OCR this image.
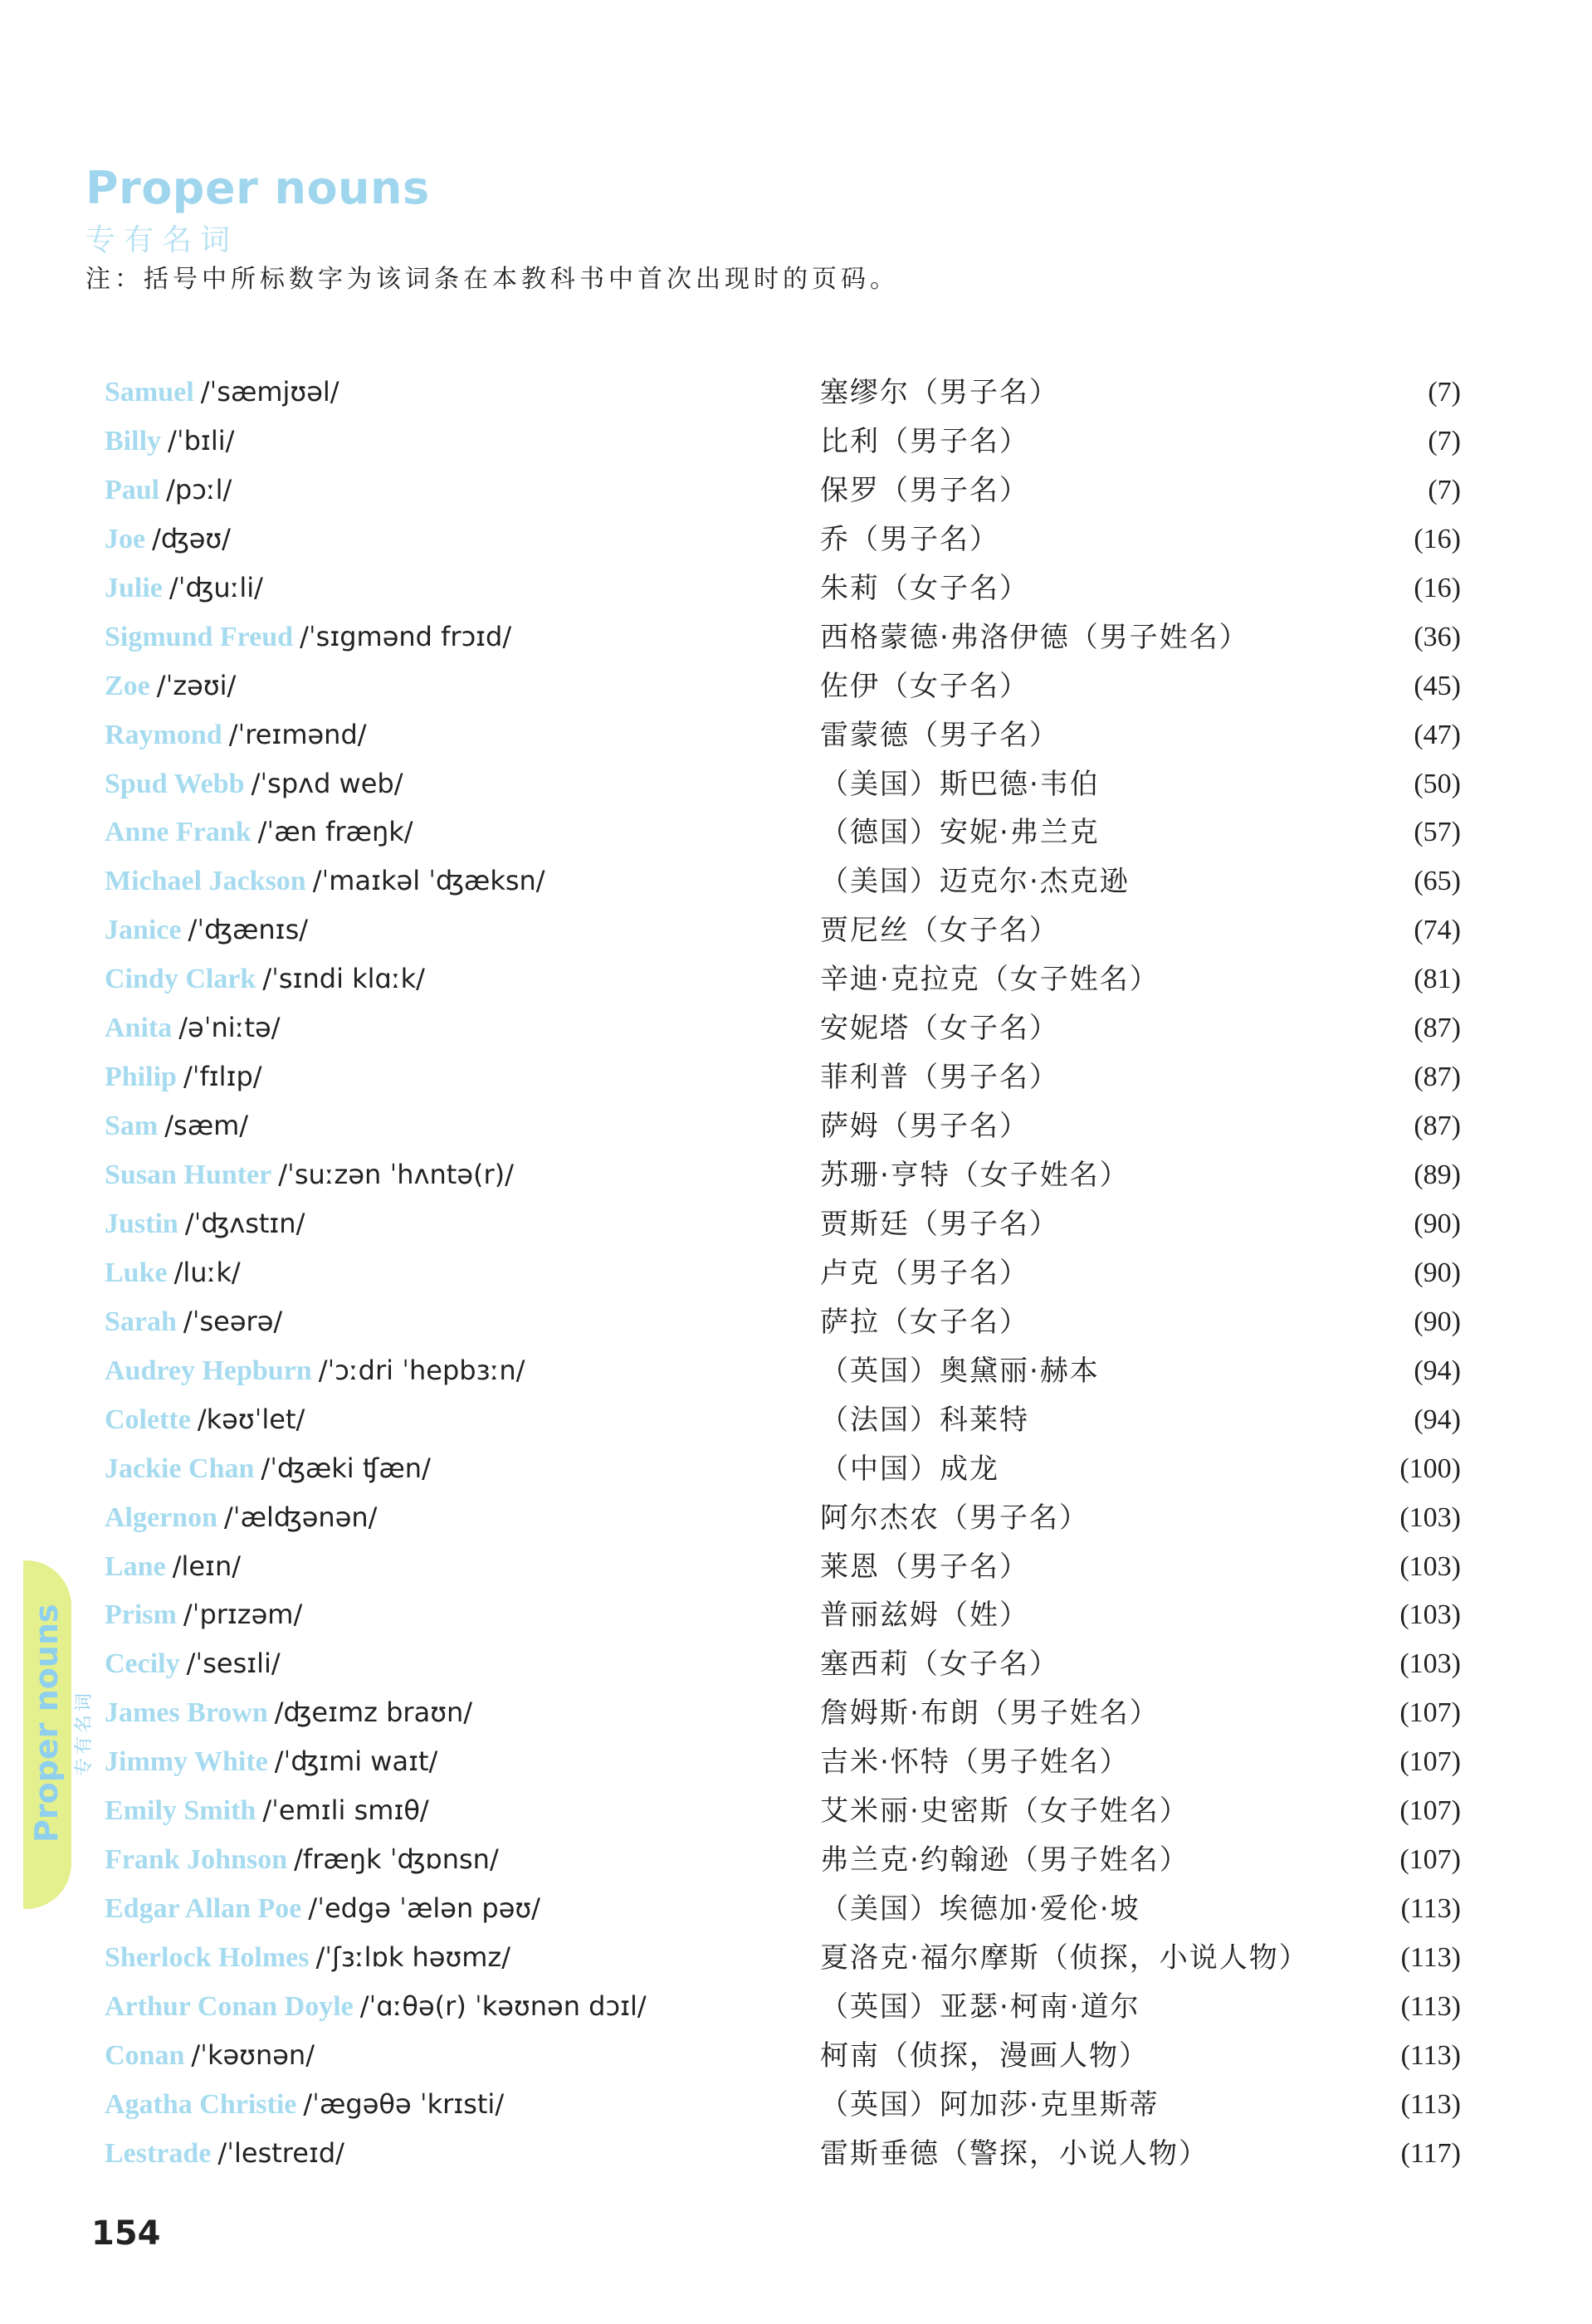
Proper nouns
专有名词
注：括号中所标数字为该词条在本教科书中首次出现时的页码。
Samuel /ˈsæmjʊəl/	塞缪尔（男子名）	(7)
Billy /ˈbɪli/	比利（男子名）	(7)
Paul /pɔːl/	保罗（男子名）	(7)
Joe /ʤəʊ/	乔（男子名）	(16)
Julie /ˈʤuːli/	朱莉（女子名）	(16)
Sigmund Freud /ˈsɪgmənd frɔɪd/	西格蒙德·弗洛伊德（男子姓名）	(36)
Zoe /ˈzəʊi/	佐伊（女子名）	(45)
Raymond /ˈreɪmənd/	雷蒙德（男子名）	(47)
Spud Webb /ˈspʌd web/	（美国）斯巴德·韦伯	(50)
Anne Frank /ˈæn fræŋk/	（德国）安妮·弗兰克	(57)
Michael Jackson /ˈmaɪkəl ˈʤæksn/	（美国）迈克尔·杰克逊	(65)
Janice /ˈʤænɪs/	贾尼丝（女子名）	(74)
Cindy Clark /ˈsɪndi klɑːk/	辛迪·克拉克（女子姓名）	(81)
Anita /əˈniːtə/	安妮塔（女子名）	(87)
Philip /ˈfɪlɪp/	菲利普（男子名）	(87)
Sam /sæm/	萨姆（男子名）	(87)
Susan Hunter /ˈsuːzən ˈhʌntə(r)/	苏珊·亨特（女子姓名）	(89)
Justin /ˈʤʌstɪn/	贾斯廷（男子名）	(90)
Luke /luːk/	卢克（男子名）	(90)
Sarah /ˈseərə/	萨拉（女子名）	(90)
Audrey Hepburn /ˈɔːdri ˈhepbɜːn/	（英国）奥黛丽·赫本	(94)
Colette /kəʊˈlet/	（法国）科莱特	(94)
Jackie Chan /ˈʤæki ʧæn/	（中国）成龙	(100)
Algernon /ˈælʤənən/	阿尔杰农（男子名）	(103)
Lane /leɪn/	莱恩（男子名）	(103)
Prism /ˈprɪzəm/	普丽兹姆（姓）	(103)
Cecily /ˈsesɪli/	塞西莉（女子名）	(103)
James Brown /ʤeɪmz braʊn/	詹姆斯·布朗（男子姓名）	(107)
Jimmy White /ˈʤɪmi waɪt/	吉米·怀特（男子姓名）	(107)
Emily Smith /ˈemɪli smɪθ/	艾米丽·史密斯（女子姓名）	(107)
Frank Johnson /fræŋk ˈʤɒnsn/	弗兰克·约翰逊（男子姓名）	(107)
Edgar Allan Poe /ˈedgə ˈælən pəʊ/	（美国）埃德加·爱伦·坡	(113)
Sherlock Holmes /ˈʃɜːlɒk həʊmz/	夏洛克·福尔摩斯（侦探，小说人物）	(113)
Arthur Conan Doyle /ˈɑːθə(r) ˈkəʊnən dɔɪl/	（英国）亚瑟·柯南·道尔	(113)
Conan /ˈkəʊnən/	柯南（侦探，漫画人物）	(113)
Agatha Christie /ˈægəθə ˈkrɪsti/	（英国）阿加莎·克里斯蒂	(113)
Lestrade /ˈlestreɪd/	雷斯垂德（警探，小说人物）	(117)
Proper nouns 专有名词
154
